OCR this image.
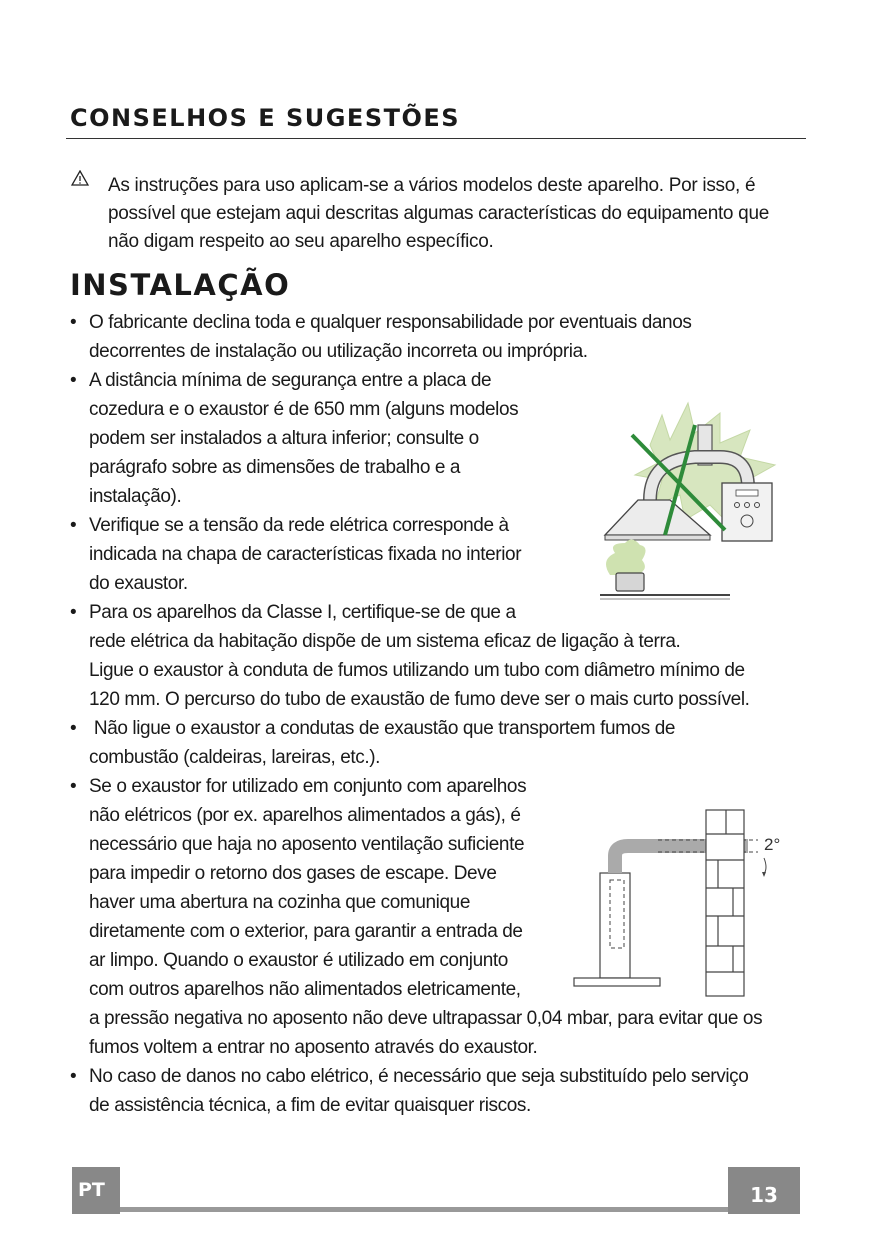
CONSELHOS E SUGESTÕES

As instruções para uso aplicam-se a vários modelos deste aparelho. Por isso, é
possível que estejam aqui descritas algumas características do equipamento que
não digam respeito ao seu aparelho específico.

INSTALAÇÃO
• O fabricante declina toda e qualquer responsabilidade por eventuais danos
decorrentes de instalação ou utilização incorreta ou imprópria.
• A distância mínima de segurança entre a placa de
cozedura e o exaustor é de 650 mm (alguns modelos
podem ser instalados a altura inferior; consulte o
parágrafo sobre as dimensões de trabalho e a
instalação).
• Verifique se a tensão da rede elétrica corresponde à
indicada na chapa de características fixada no interior
do exaustor.
• Para os aparelhos da Classe I, certifique-se de que a
rede elétrica da habitação dispõe de um sistema eficaz de ligação à terra.
Ligue o exaustor à conduta de fumos utilizando um tubo com diâmetro mínimo de
120 mm. O percurso do tubo de exaustão de fumo deve ser o mais curto possível.
• Não ligue o exaustor a condutas de exaustão que transportem fumos de
combustão (caldeiras, lareiras, etc.).
• Se o exaustor for utilizado em conjunto com aparelhos
não elétricos (por ex. aparelhos alimentados a gás), é
necessário que haja no aposento ventilação suficiente
para impedir o retorno dos gases de escape. Deve
haver uma abertura na cozinha que comunique
diretamente com o exterior, para garantir a entrada de
ar limpo. Quando o exaustor é utilizado em conjunto
com outros aparelhos não alimentados eletricamente,
a pressão negativa no aposento não deve ultrapassar 0,04 mbar, para evitar que os
fumos voltem a entrar no aposento através do exaustor.
• No caso de danos no cabo elétrico, é necessário que seja substituído pelo serviço
de assistência técnica, a fim de evitar quaisquer riscos.
2°
PT	13
